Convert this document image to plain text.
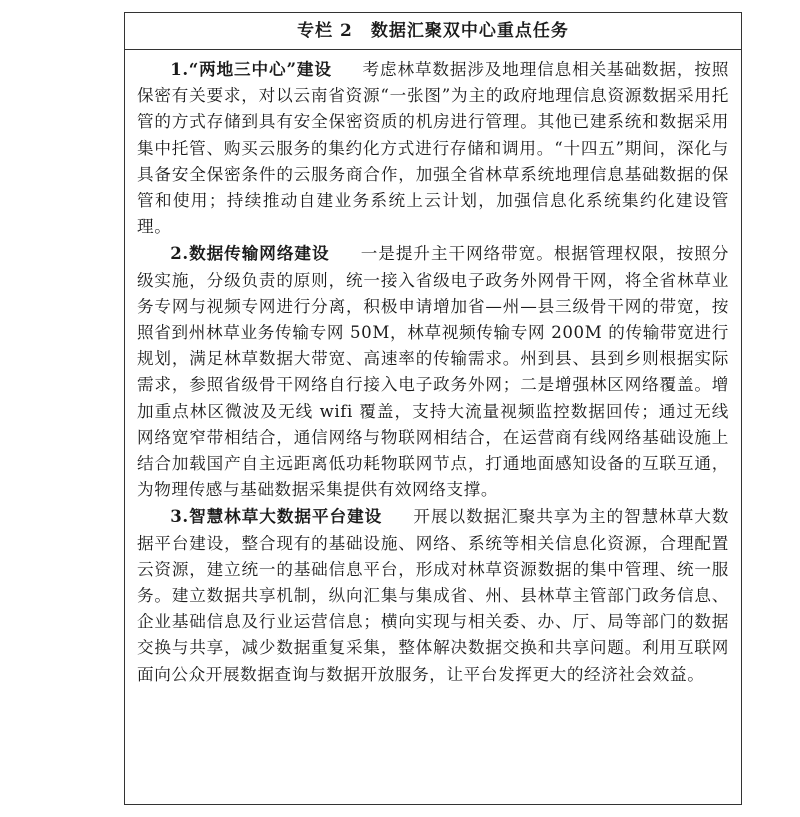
专栏 2　数据汇聚双中心重点任务

1.“两地三中心”建设 考虑林草数据涉及地理信息相关基础数据，按照保密有关要求，对以云南省资源“一张图”为主的政府地理信息资源数据采用托管的方式存储到具有安全保密资质的机房进行管理。其他已建系统和数据采用集中托管、购买云服务的集约化方式进行存储和调用。“十四五”期间，深化与具备安全保密条件的云服务商合作，加强全省林草系统地理信息基础数据的保管和使用；持续推动自建业务系统上云计划，加强信息化系统集约化建设管理。

2.数据传输网络建设 一是提升主干网络带宽。根据管理权限，按照分级实施，分级负责的原则，统一接入省级电子政务外网骨干网，将全省林草业务专网与视频专网进行分离，积极申请增加省—州—县三级骨干网的带宽，按照省到州林草业务传输专网 50M，林草视频传输专网 200M 的传输带宽进行规划，满足林草数据大带宽、高速率的传输需求。州到县、县到乡则根据实际需求，参照省级骨干网络自行接入电子政务外网；二是增强林区网络覆盖。增加重点林区微波及无线 wifi 覆盖，支持大流量视频监控数据回传；通过无线网络宽窄带相结合，通信网络与物联网相结合，在运营商有线网络基础设施上结合加载国产自主远距离低功耗物联网节点，打通地面感知设备的互联互通，为物理传感与基础数据采集提供有效网络支撑。

3.智慧林草大数据平台建设 开展以数据汇聚共享为主的智慧林草大数据平台建设，整合现有的基础设施、网络、系统等相关信息化资源，合理配置云资源，建立统一的基础信息平台，形成对林草资源数据的集中管理、统一服务。建立数据共享机制，纵向汇集与集成省、州、县林草主管部门政务信息、企业基础信息及行业运营信息；横向实现与相关委、办、厅、局等部门的数据交换与共享，减少数据重复采集，整体解决数据交换和共享问题。利用互联网面向公众开展数据查询与数据开放服务，让平台发挥更大的经济社会效益。
